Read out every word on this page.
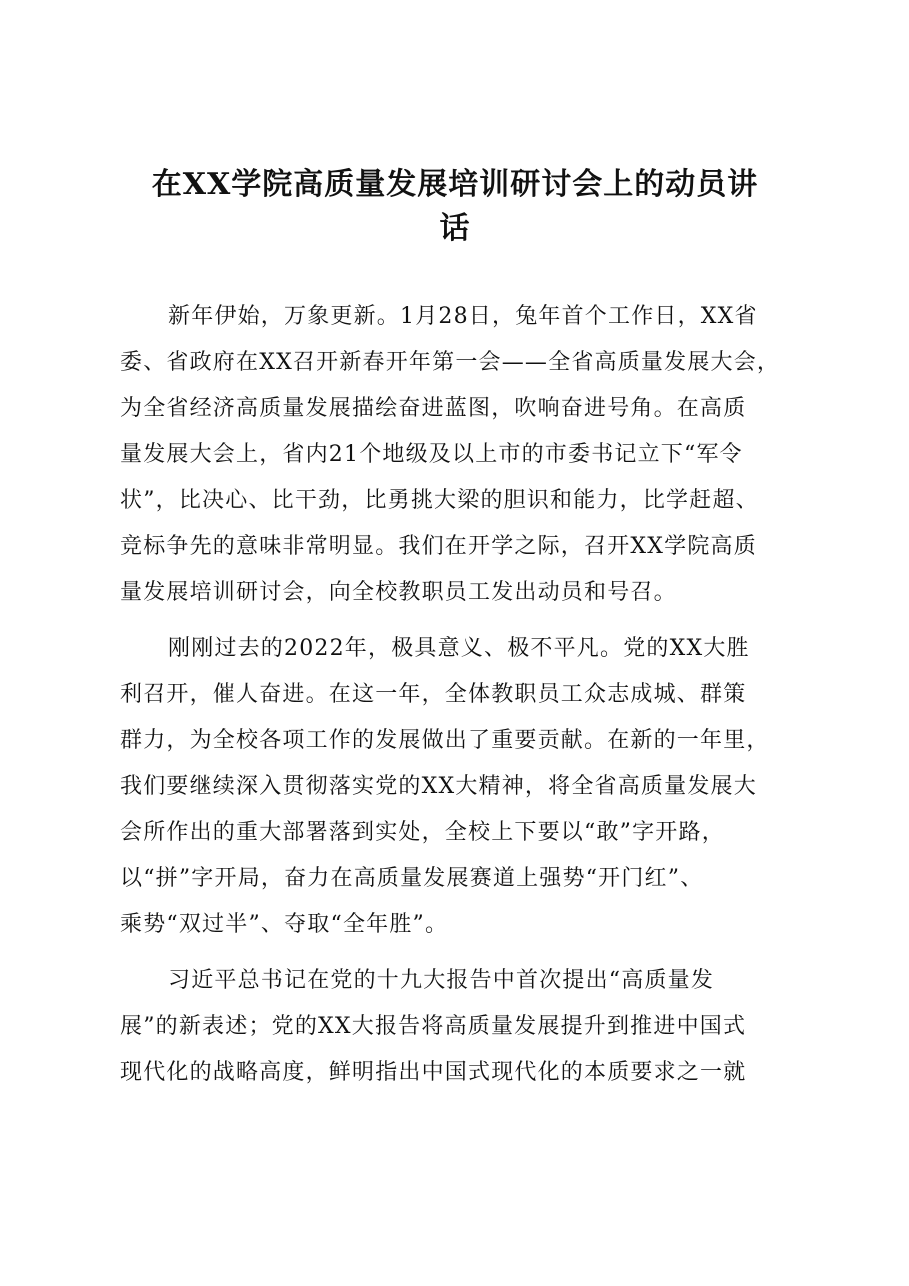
在XX学院高质量发展培训研讨会上的动员讲
话
新年伊始，万象更新。1月28日，兔年首个工作日，XX省
委、省政府在XX召开新春开年第一会——全省高质量发展大会，
为全省经济高质量发展描绘奋进蓝图，吹响奋进号角。在高质
量发展大会上，省内21个地级及以上市的市委书记立下“军令
状”，比决心、比干劲，比勇挑大梁的胆识和能力，比学赶超、
竞标争先的意味非常明显。我们在开学之际，召开XX学院高质
量发展培训研讨会，向全校教职员工发出动员和号召。
刚刚过去的2022年，极具意义、极不平凡。党的XX大胜
利召开，催人奋进。在这一年，全体教职员工众志成城、群策
群力，为全校各项工作的发展做出了重要贡献。在新的一年里，
我们要继续深入贯彻落实党的XX大精神，将全省高质量发展大
会所作出的重大部署落到实处，全校上下要以“敢”字开路，
以“拼”字开局，奋力在高质量发展赛道上强势“开门红”、
乘势“双过半”、夺取“全年胜”。
习近平总书记在党的十九大报告中首次提出“高质量发
展”的新表述；党的XX大报告将高质量发展提升到推进中国式
现代化的战略高度，鲜明指出中国式现代化的本质要求之一就
